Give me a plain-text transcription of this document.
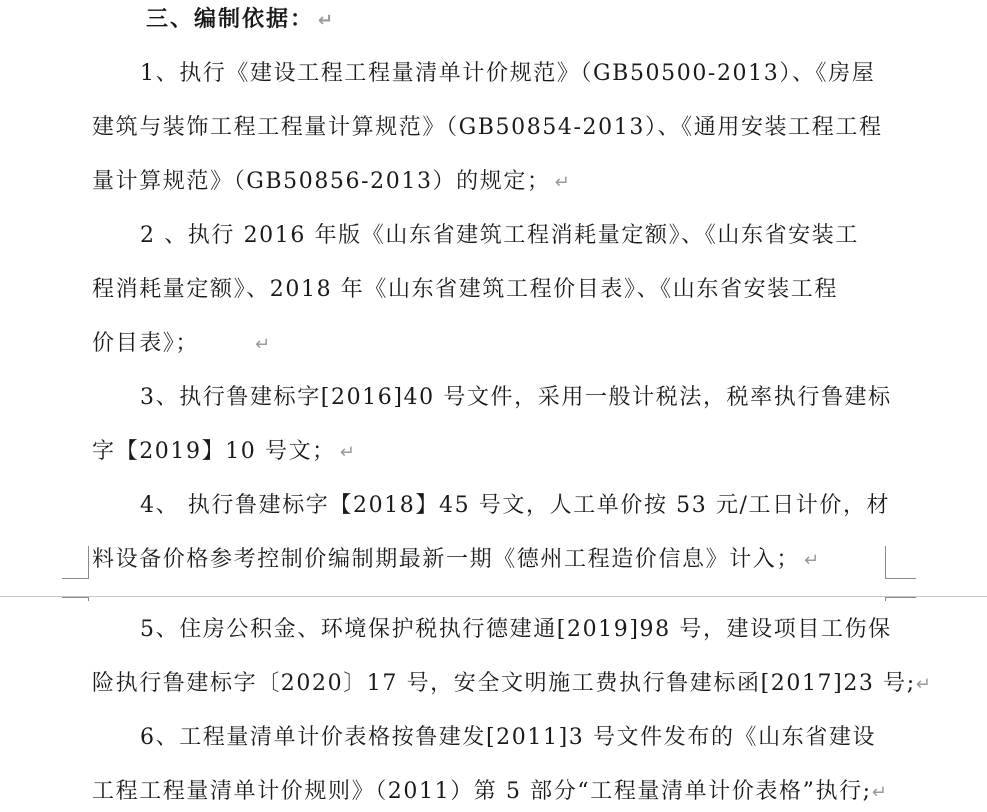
三、编制依据： ↵
1、执行《建设工程工程量清单计价规范》（GB50500-2013）、《房屋
建筑与装饰工程工程量计算规范》（GB50854-2013）、《通用安装工程工程
量计算规范》（GB50856-2013）的规定； ↵
2 、执行 2016 年版《山东省建筑工程消耗量定额》、《山东省安装工
程消耗量定额》、2018 年《山东省建筑工程价目表》、《山东省安装工程
价目表》；	↵
3、执行鲁建标字[2016]40 号文件，采用一般计税法，税率执行鲁建标
字【2019】10 号文； ↵
4、 执行鲁建标字【2018】45 号文，人工单价按 53 元/工日计价，材
料设备价格参考控制价编制期最新一期《德州工程造价信息》计入； ↵
5、住房公积金、环境保护税执行德建通[2019]98 号，建设项目工伤保
险执行鲁建标字〔2020〕17 号，安全文明施工费执行鲁建标函[2017]23 号;↵
6、工程量清单计价表格按鲁建发[2011]3 号文件发布的《山东省建设
工程工程量清单计价规则》（2011）第 5 部分“工程量清单计价表格”执行;↵
